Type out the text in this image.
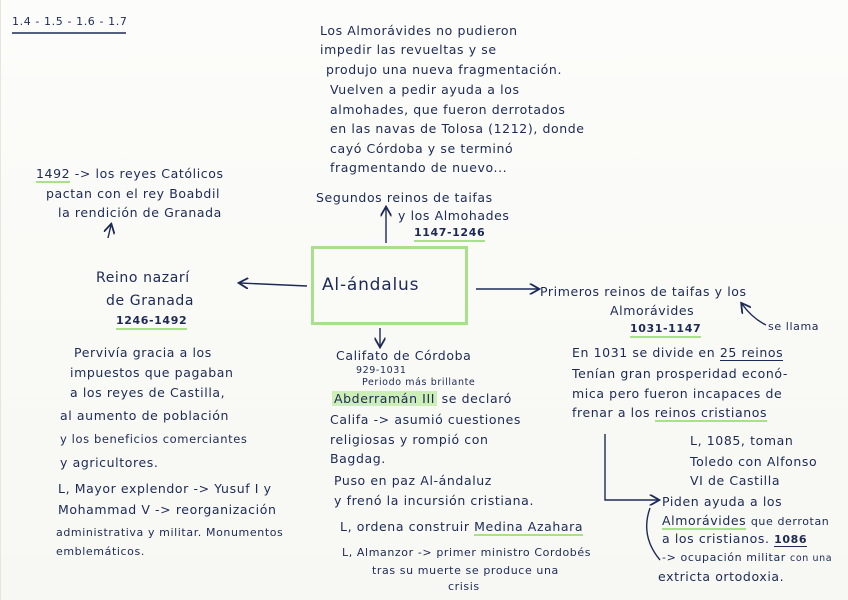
1.4 - 1.5 - 1.6 - 1.7
Al-ándalus
Los Almorávides no pudieron
impedir las revueltas y se
produjo una nueva fragmentación.
Vuelven a pedir ayuda a los
almohades, que fueron derrotados
en las navas de Tolosa (1212), donde
cayó Córdoba y se terminó
fragmentando de nuevo...
Segundos reinos de taifas
y los Almohades
1147-1246
1492 -> los reyes Católicos
pactan con el rey Boabdil
la rendición de Granada
Reino nazarí
de Granada
1246-1492
Pervivía gracia a los
impuestos que pagaban
a los reyes de Castilla,
al aumento de población
y los beneficios comerciantes
y agricultores.
L, Mayor explendor -> Yusuf I y
Mohammad V -> reorganización
administrativa y militar. Monumentos
emblemáticos.
Califato de Córdoba
929-1031
Periodo más brillante
Abderramán III se declaró
Califa -> asumió cuestiones
religiosas y rompió con
Bagdag.
Puso en paz Al-ándaluz
y frenó la incursión cristiana.
L, ordena construir Medina Azahara
L, Almanzor -> primer ministro Cordobés
tras su muerte se produce una
crisis
Primeros reinos de taifas y los
Almorávides
1031-1147	se llama
En 1031 se divide en 25 reinos
Tenían gran prosperidad econó-
mica pero fueron incapaces de
frenar a los reinos cristianos
L, 1085, toman
Toledo con Alfonso
VI de Castilla
Piden ayuda a los
Almorávides que derrotan
a los cristianos. 1086
-> ocupación militar con una
extricta ortodoxia.
